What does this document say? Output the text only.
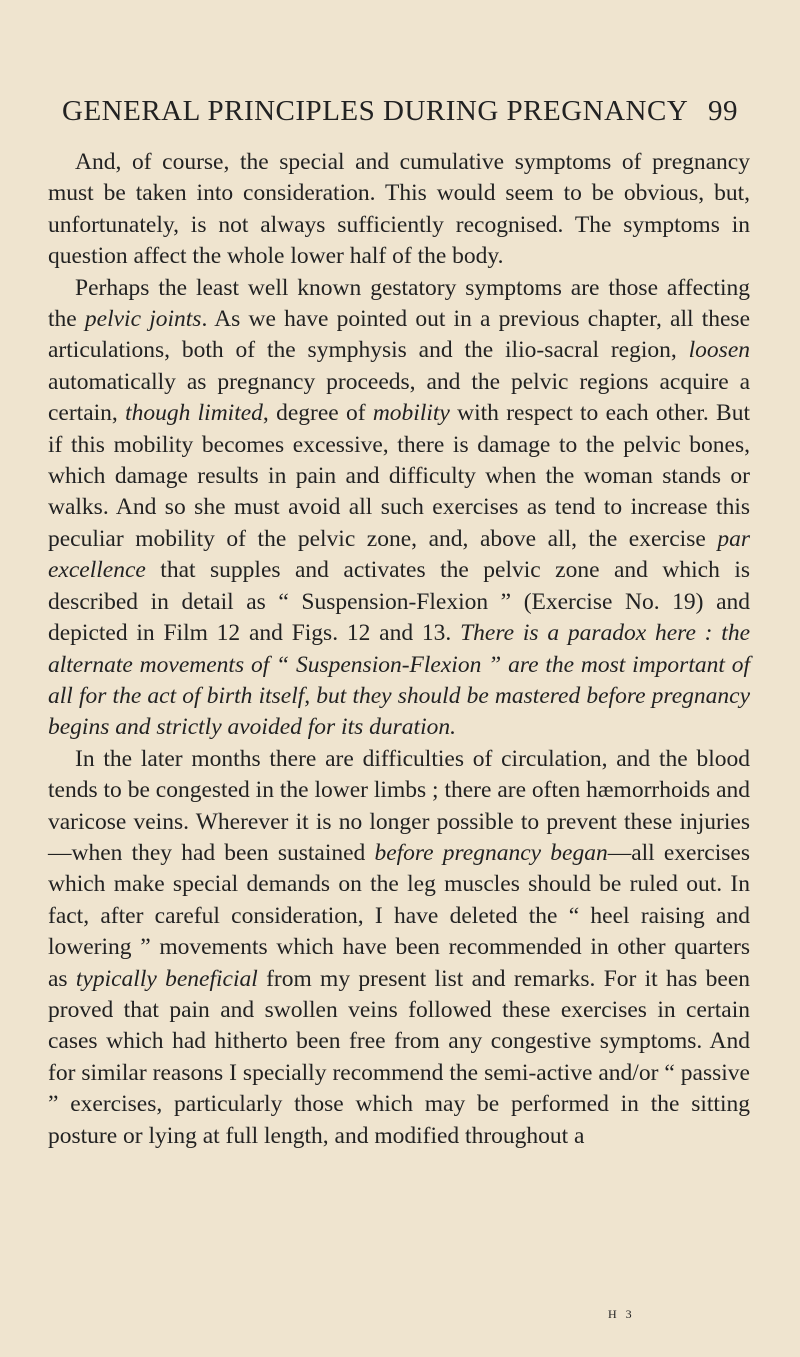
GENERAL PRINCIPLES DURING PREGNANCY 99

And, of course, the special and cumulative symptoms of pregnancy must be taken into consideration. This would seem to be obvious, but, unfortunately, is not always sufficiently recognised. The symptoms in question affect the whole lower half of the body.

Perhaps the least well known gestatory symptoms are those affecting the pelvic joints. As we have pointed out in a previous chapter, all these articulations, both of the symphysis and the ilio-sacral region, loosen automatically as pregnancy proceeds, and the pelvic regions acquire a certain, though limited, degree of mobility with respect to each other. But if this mobility becomes excessive, there is damage to the pelvic bones, which damage results in pain and difficulty when the woman stands or walks. And so she must avoid all such exercises as tend to increase this peculiar mobility of the pelvic zone, and, above all, the exercise par excellence that supples and activates the pelvic zone and which is described in detail as “ Suspension-Flexion ” (Exercise No. 19) and depicted in Film 12 and Figs. 12 and 13. There is a paradox here : the alternate movements of “ Suspension-Flexion ” are the most important of all for the act of birth itself, but they should be mastered before pregnancy begins and strictly avoided for its duration.

In the later months there are difficulties of circulation, and the blood tends to be congested in the lower limbs ; there are often hæmorrhoids and varicose veins. Wherever it is no longer possible to prevent these injuries—when they had been sustained before pregnancy began—all exercises which make special demands on the leg muscles should be ruled out. In fact, after careful consideration, I have deleted the “ heel raising and lowering ” movements which have been recommended in other quarters as typically beneficial from my present list and remarks. For it has been proved that pain and swollen veins followed these exercises in certain cases which had hitherto been free from any congestive symptoms. And for similar reasons I specially recommend the semi-active and/or “ passive ” exercises, particularly those which may be performed in the sitting posture or lying at full length, and modified throughout a

H 3
